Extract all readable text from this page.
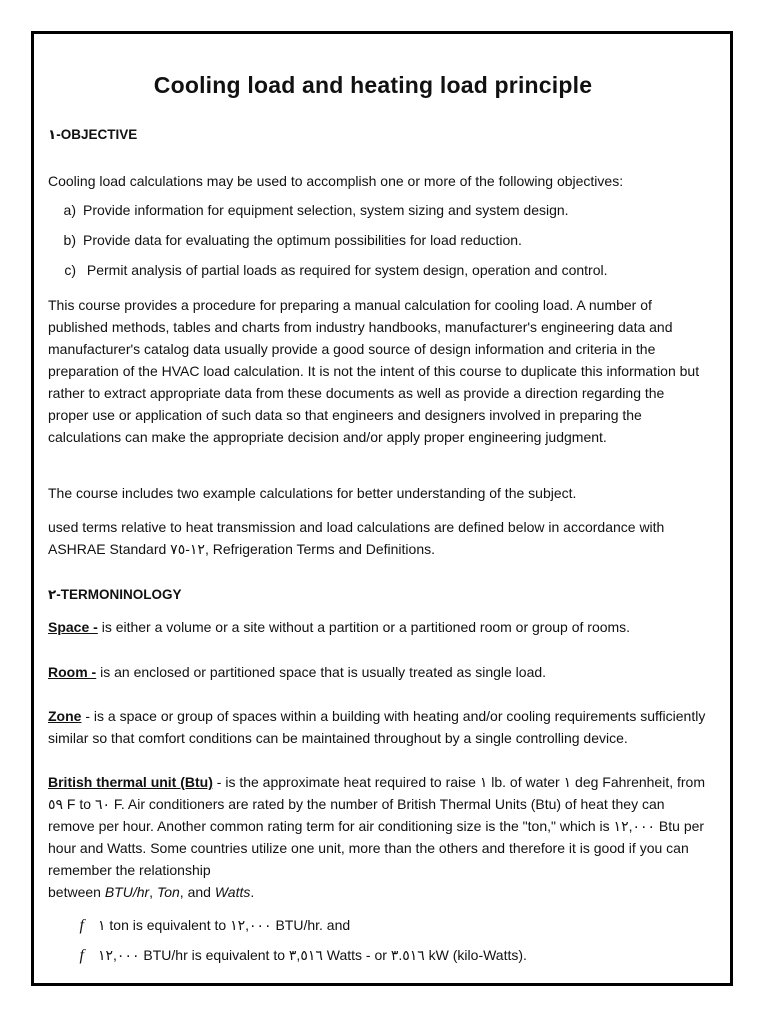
Cooling load and heating load principle
١-OBJECTIVE
Cooling load calculations may be used to accomplish one or more of the following objectives:
a) Provide information for equipment selection, system sizing and system design.
b) Provide data for evaluating the optimum possibilities for load reduction.
c) Permit analysis of partial loads as required for system design, operation and control.

This course provides a procedure for preparing a manual calculation for cooling load. A number of published methods, tables and charts from industry handbooks, manufacturer's engineering data and manufacturer's catalog data usually provide a good source of design information and criteria in the preparation of the HVAC load calculation. It is not the intent of this course to duplicate this information but rather to extract appropriate data from these documents as well as provide a direction regarding the proper use or application of such data so that engineers and designers involved in preparing the calculations can make the appropriate decision and/or apply proper engineering judgment.

The course includes two example calculations for better understanding of the subject.

used terms relative to heat transmission and load calculations are defined below in accordance with ASHRAE Standard ١٢-٧٥, Refrigeration Terms and Definitions.

٢-TERMONINOLOGY

Space - is either a volume or a site without a partition or a partitioned room or group of rooms.

Room - is an enclosed or partitioned space that is usually treated as single load.

Zone - is a space or group of spaces within a building with heating and/or cooling requirements sufficiently similar so that comfort conditions can be maintained throughout by a single controlling device.

British thermal unit (Btu) - is the approximate heat required to raise ١ lb. of water ١ deg Fahrenheit, from ٥٩ F to ٦٠ F. Air conditioners are rated by the number of British Thermal Units (Btu) of heat they can remove per hour. Another common rating term for air conditioning size is the "ton," which is ١٢,٠٠٠ Btu per hour and Watts. Some countries utilize one unit, more than the others and therefore it is good if you can remember the relationship

between BTU/hr, Ton, and Watts.

f ١ ton is equivalent to ١٢,٠٠٠ BTU/hr. and
f ١٢,٠٠٠ BTU/hr is equivalent to ٣,٥١٦ Watts - or ٣.٥١٦ kW (kilo-Watts).
